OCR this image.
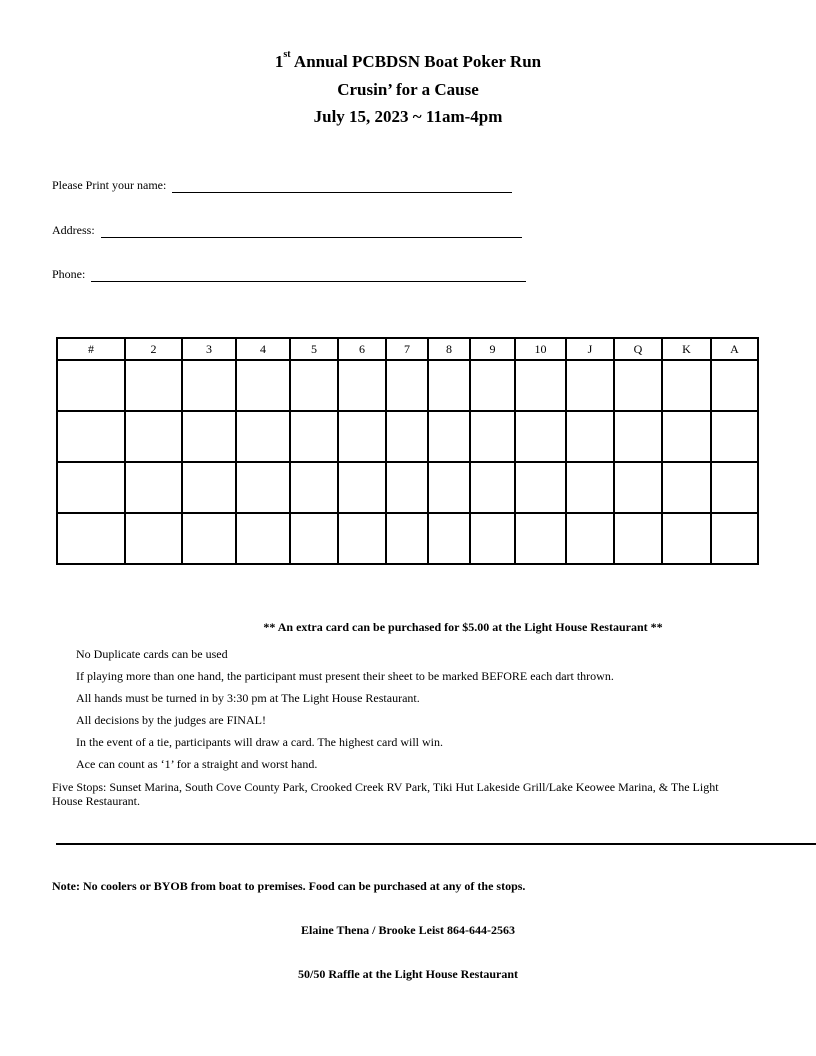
1st Annual PCBDSN Boat Poker Run
Crusin’ for a Cause
July 15, 2023 ~ 11am-4pm
Please Print your name:
Address:
Phone:
#	2	3	4	5	6	7	8	9	10	J	Q	K	A

** An extra card can be purchased for $5.00 at the Light House Restaurant **
No Duplicate cards can be used
If playing more than one hand, the participant must present their sheet to be marked BEFORE each dart thrown.
All hands must be turned in by 3:30 pm at The Light House Restaurant.
All decisions by the judges are FINAL!
In the event of a tie, participants will draw a card. The highest card will win.
Ace can count as ‘1’ for a straight and worst hand.
Five Stops: Sunset Marina, South Cove County Park, Crooked Creek RV Park, Tiki Hut Lakeside Grill/Lake Keowee Marina, & The Light House Restaurant.
Note: No coolers or BYOB from boat to premises. Food can be purchased at any of the stops.
Elaine Thena / Brooke Leist 864-644-2563
50/50 Raffle at the Light House Restaurant
